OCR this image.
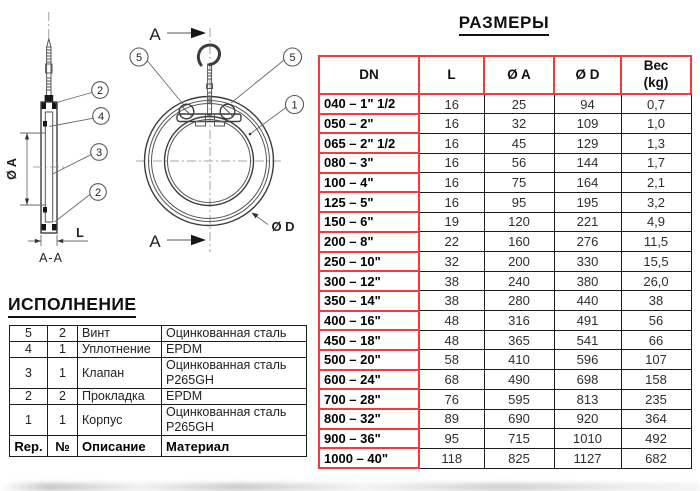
Ø A
L
A-A
2
4
3
2
A
A
5	5
1
Ø D
РАЗМЕРЫ
DN	L	Ø A	Ø D	Вес
(kg)
040 – 1" 1/2	16	25	94	0,7
050 – 2"	16	32	109	1,0
065 – 2" 1/2	16	45	129	1,3
080 – 3"	16	56	144	1,7
100 – 4"	16	75	164	2,1
125 – 5"	16	95	195	3,2
150 – 6"	19	120	221	4,9
200 – 8"	22	160	276	11,5
250 – 10"	32	200	330	15,5
300 – 12"	38	240	380	26,0
350 – 14"	38	280	440	38
400 – 16"	48	316	491	56
450 – 18"	48	365	541	66
500 – 20"	58	410	596	107
600 – 24"	68	490	698	158
700 – 28"	76	595	813	235
800 – 32"	89	690	920	364
900 – 36"	95	715	1010	492
1000 – 40"	118	825	1127	682
ИСПОЛНЕНИЕ
5	2	Винт	Оцинкованная сталь
4	1	Уплотнение	EPDM
3	1	Клапан	Оцинкованная сталь
P265GH
2	2	Прокладка	EPDM
1	1	Корпус	Оцинкованная сталь
P265GH
Rep.	№	Описание	Материал
